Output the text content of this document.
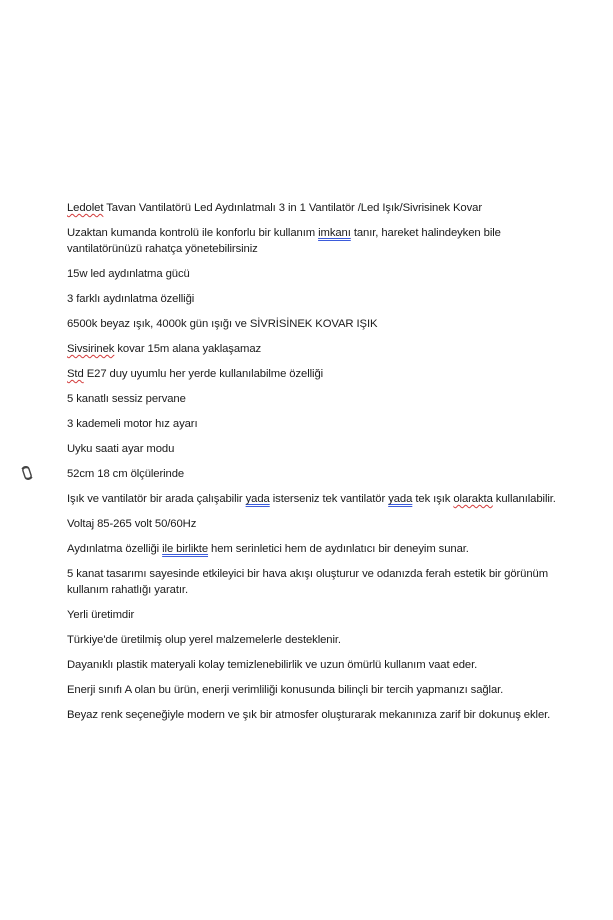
Ledolet Tavan Vantilatörü Led Aydınlatmalı 3 in 1 Vantilatör /Led Işık/Sivrisinek Kovar

Uzaktan kumanda kontrolü ile konforlu bir kullanım imkanı tanır, hareket halindeyken bile vantilatörünüzü rahatça yönetebilirsiniz

15w led aydınlatma gücü

3 farklı aydınlatma özelliği

6500k beyaz ışık, 4000k gün ışığı ve SİVRİSİNEK KOVAR IŞIK

Sivsirinek kovar 15m alana yaklaşamaz

Std E27 duy uyumlu her yerde kullanılabilme özelliği

5 kanatlı sessiz pervane

3 kademeli motor hız ayarı

Uyku saati ayar modu

52cm 18 cm ölçülerinde

Işık ve vantilatör bir arada çalışabilir yada isterseniz tek vantilatör yada tek ışık olarakta kullanılabilir.

Voltaj 85-265 volt 50/60Hz

Aydınlatma özelliği ile birlikte hem serinletici hem de aydınlatıcı bir deneyim sunar.

5 kanat tasarımı sayesinde etkileyici bir hava akışı oluşturur ve odanızda ferah estetik bir görünüm kullanım rahatlığı yaratır.

Yerli üretimdir

Türkiye'de üretilmiş olup yerel malzemelerle desteklenir.

Dayanıklı plastik materyali kolay temizlenebilirlik ve uzun ömürlü kullanım vaat eder.

Enerji sınıfı A olan bu ürün, enerji verimliliği konusunda bilinçli bir tercih yapmanızı sağlar.

Beyaz renk seçeneğiyle modern ve şık bir atmosfer oluşturarak mekanınıza zarif bir dokunuş ekler.
